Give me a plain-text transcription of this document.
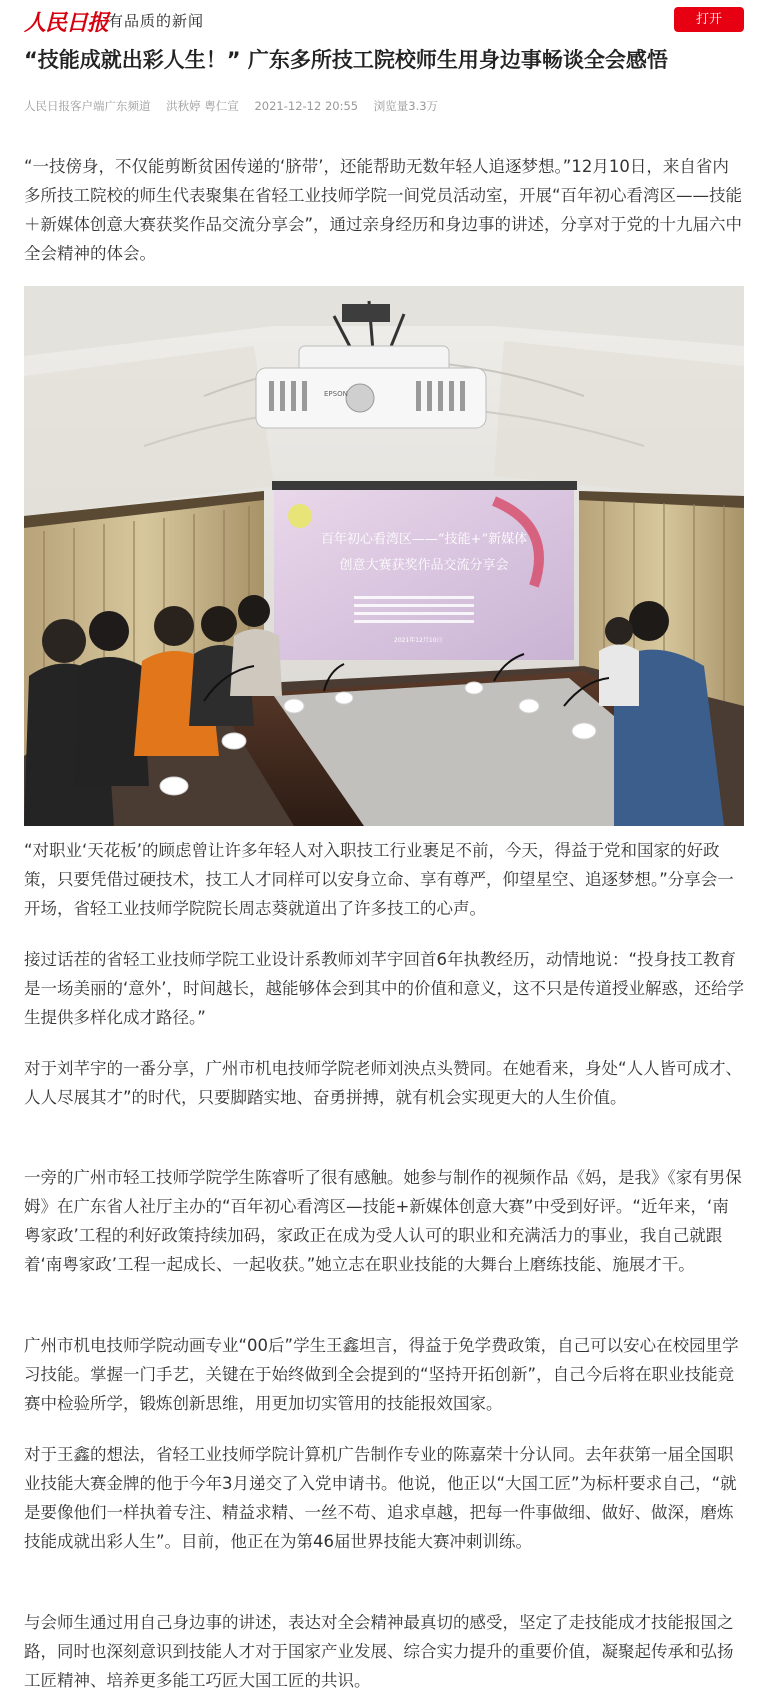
人民日报 有品质的新闻	打开
“技能成就出彩人生！” 广东多所技工院校师生用身边事畅谈全会感悟
人民日报客户端广东频道 洪秋婷 粤仁宣 2021-12-12 20:55 浏览量3.3万

“一技傍身，不仅能剪断贫困传递的‘脐带’，还能帮助无数年轻人追逐梦想。”12月10日，来自省内多所技工院校的师生代表聚集在省轻工业技师学院一间党员活动室，开展“百年初心看湾区——技能＋新媒体创意大赛获奖作品交流分享会”，通过亲身经历和身边事的讲述，分享对于党的十九届六中全会精神的体会。

EPSON
百年初心看湾区——“技能+”新媒体
创意大赛获奖作品交流分享会
2021年12月10日

“对职业‘天花板’的顾虑曾让许多年轻人对入职技工行业裹足不前，今天，得益于党和国家的好政策，只要凭借过硬技术，技工人才同样可以安身立命、享有尊严，仰望星空、追逐梦想。”分享会一开场，省轻工业技师学院院长周志葵就道出了许多技工的心声。

接过话茬的省轻工业技师学院工业设计系教师刘芊宇回首6年执教经历，动情地说：“投身技工教育是一场美丽的‘意外’，时间越长，越能够体会到其中的价值和意义，这不只是传道授业解惑，还给学生提供多样化成才路径。”

对于刘芊宇的一番分享，广州市机电技师学院老师刘泱点头赞同。在她看来，身处“人人皆可成才、人人尽展其才”的时代，只要脚踏实地、奋勇拼搏，就有机会实现更大的人生价值。

一旁的广州市轻工技师学院学生陈睿听了很有感触。她参与制作的视频作品《妈，是我》《家有男保姆》在广东省人社厅主办的“百年初心看湾区—技能+新媒体创意大赛”中受到好评。“近年来，‘南粤家政’工程的利好政策持续加码，家政正在成为受人认可的职业和充满活力的事业，我自己就跟着‘南粤家政’工程一起成长、一起收获。”她立志在职业技能的大舞台上磨练技能、施展才干。

广州市机电技师学院动画专业“00后”学生王鑫坦言，得益于免学费政策，自己可以安心在校园里学习技能。掌握一门手艺，关键在于始终做到全会提到的“坚持开拓创新”，自己今后将在职业技能竞赛中检验所学，锻炼创新思维，用更加切实管用的技能报效国家。

对于王鑫的想法，省轻工业技师学院计算机广告制作专业的陈嘉荣十分认同。去年获第一届全国职业技能大赛金牌的他于今年3月递交了入党申请书。他说，他正以“大国工匠”为标杆要求自己，“就是要像他们一样执着专注、精益求精、一丝不苟、追求卓越，把每一件事做细、做好、做深，磨炼技能成就出彩人生”。目前，他正在为第46届世界技能大赛冲刺训练。

与会师生通过用自己身边事的讲述，表达对全会精神最真切的感受，坚定了走技能成才技能报国之路，同时也深刻意识到技能人才对于国家产业发展、综合实力提升的重要价值，凝聚起传承和弘扬工匠精神、培养更多能工巧匠大国工匠的共识。
